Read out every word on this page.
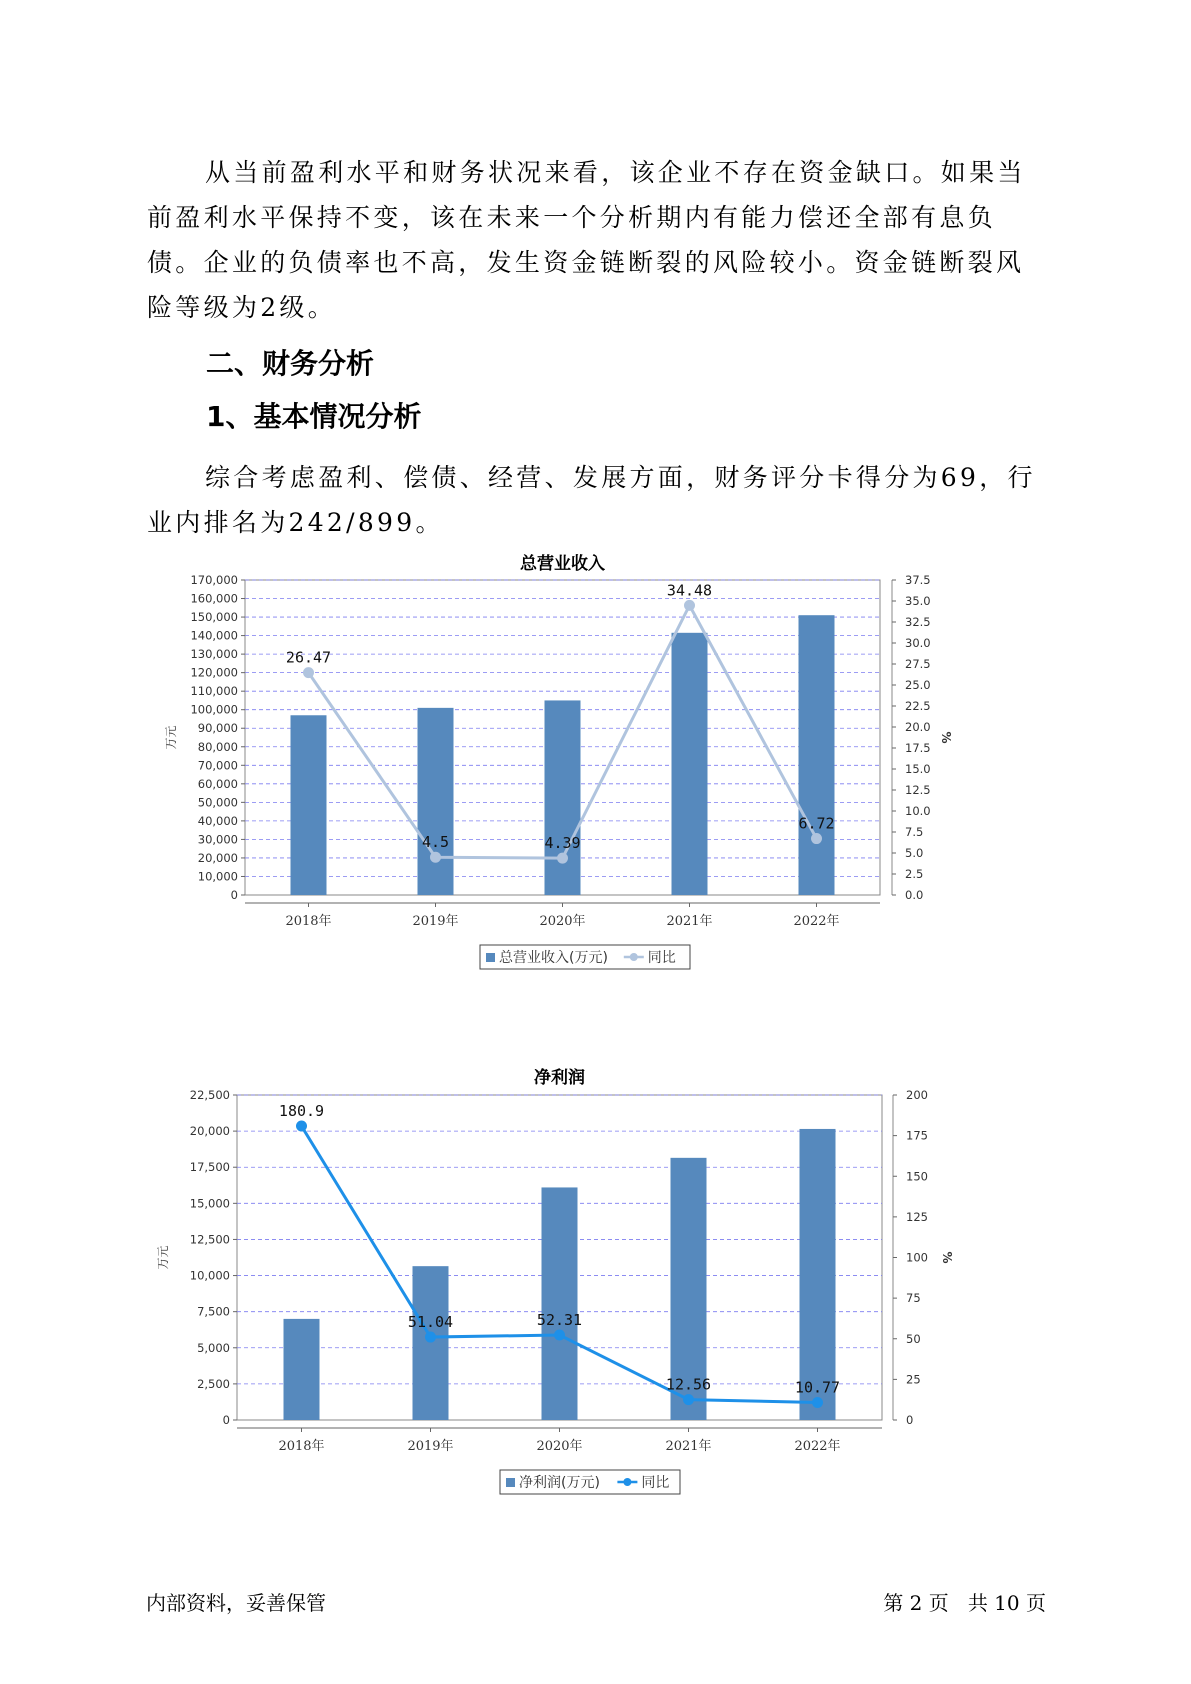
从当前盈利水平和财务状况来看，该企业不存在资金缺口。如果当前盈利水平保持不变，该在未来一个分析期内有能力偿还全部有息负债。企业的负债率也不高，发生资金链断裂的风险较小。资金链断裂风险等级为2级。

二、财务分析
1、基本情况分析

综合考虑盈利、偿债、经营、发展方面，财务评分卡得分为69，行业内排名为242/899。

总营业收入
0
10,000
20,000
30,000
40,000
50,000
60,000
70,000
80,000
90,000
100,000
110,000
120,000
130,000
140,000
150,000
160,000
170,000
0.0
2.5
5.0
7.5
10.0
12.5
15.0
17.5
20.0
22.5
25.0
27.5
30.0
32.5
35.0
37.5
万元	%
2018年	2019年	2020年	2021年	2022年
26.47
4.5	4.39
34.48
6.72
总营业收入(万元)	同比
净利润
0
2,500
5,000
7,500
10,000
12,500
15,000
17,500
20,000
22,500
0
25
50
75
100
125
150
175
200
万元	%
2018年	2019年	2020年	2021年	2022年
180.9
51.04	52.31
12.56	10.77
净利润(万元)	同比
内部资料，妥善保管	第 2 页   共 10 页
